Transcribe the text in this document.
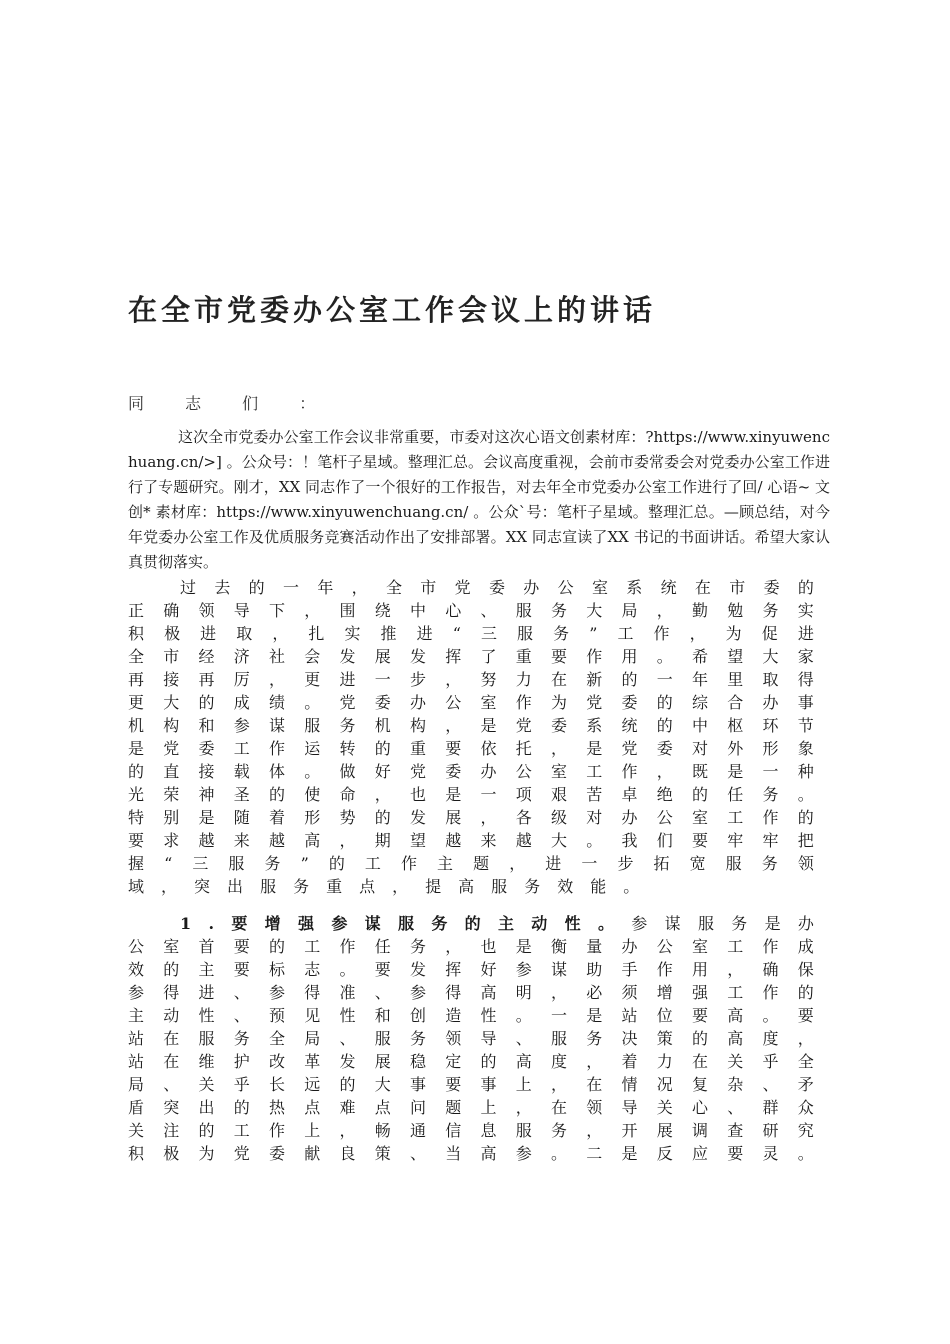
在全市党委办公室工作会议上的讲话
同 志 们 ：

这次全市党委办公室工作会议非常重要，市委对这次心语文创素材库：?https://www.xinyuwenchuang.cn/>] 。公众号：！笔杆子星域。整理汇总。会议高度重视，会前市委常委会对党委办公室工作进行了专题研究。刚才，XX 同志作了一个很好的工作报告，对去年全市党委办公室工作进行了回/ 心语~ 文创* 素材库：https://www.xinyuwenchuang.cn/ 。公众`号：笔杆子星域。整理汇总。—顾总结，对今年党委办公室工作及优质服务竞赛活动作出了安排部署。XX 同志宣读了XX 书记的书面讲话。希望大家认真贯彻落实。

过 去 的 一 年 ， 全 市 党 委 办 公 室 系 统 在 市 委 的
正 确 领 导 下 ， 围 绕 中 心 、 服 务 大 局 ， 勤 勉 务 实
积 极 进 取 ， 扎 实 推 进 “ 三 服 务 ” 工 作 ， 为 促 进
全 市 经 济 社 会 发 展 发 挥 了 重 要 作 用 。 希 望 大 家
再 接 再 厉 ， 更 进 一 步 ， 努 力 在 新 的 一 年 里 取 得
更 大 的 成 绩 。 党 委 办 公 室 作 为 党 委 的 综 合 办 事
机 构 和 参 谋 服 务 机 构 ， 是 党 委 系 统 的 中 枢 环 节
是 党 委 工 作 运 转 的 重 要 依 托 ， 是 党 委 对 外 形 象
的 直 接 载 体 。 做 好 党 委 办 公 室 工 作 ， 既 是 一 种
光 荣 神 圣 的 使 命 ， 也 是 一 项 艰 苦 卓 绝 的 任 务 。
特 别 是 随 着 形 势 的 发 展 ， 各 级 对 办 公 室 工 作 的
要 求 越 来 越 高 ， 期 望 越 来 越 大 。 我 们 要 牢 牢 把
握 “ 三 服 务 ” 的 工 作 主 题 ， 进 一 步 拓 宽 服 务 领
域 ， 突 出 服 务 重 点 ， 提 高 服 务 效 能 。
1 . 要 增 强 参 谋 服 务 的 主 动 性 。 参 谋 服 务 是 办
公 室 首 要 的 工 作 任 务 ， 也 是 衡 量 办 公 室 工 作 成
效 的 主 要 标 志 。 要 发 挥 好 参 谋 助 手 作 用 ， 确 保
参 得 进 、 参 得 准 、 参 得 高 明 ， 必 须 增 强 工 作 的
主 动 性 、 预 见 性 和 创 造 性 。 一 是 站 位 要 高 。 要
站 在 服 务 全 局 、 服 务 领 导 、 服 务 决 策 的 高 度 ，
站 在 维 护 改 革 发 展 稳 定 的 高 度 ， 着 力 在 关 乎 全
局 、 关 乎 长 远 的 大 事 要 事 上 ， 在 情 况 复 杂 、 矛
盾 突 出 的 热 点 难 点 问 题 上 ， 在 领 导 关 心 、 群 众
关 注 的 工 作 上 ， 畅 通 信 息 服 务 ， 开 展 调 查 研 究
积 极 为 党 委 献 良 策 、 当 高 参 。 二 是 反 应 要 灵 。
